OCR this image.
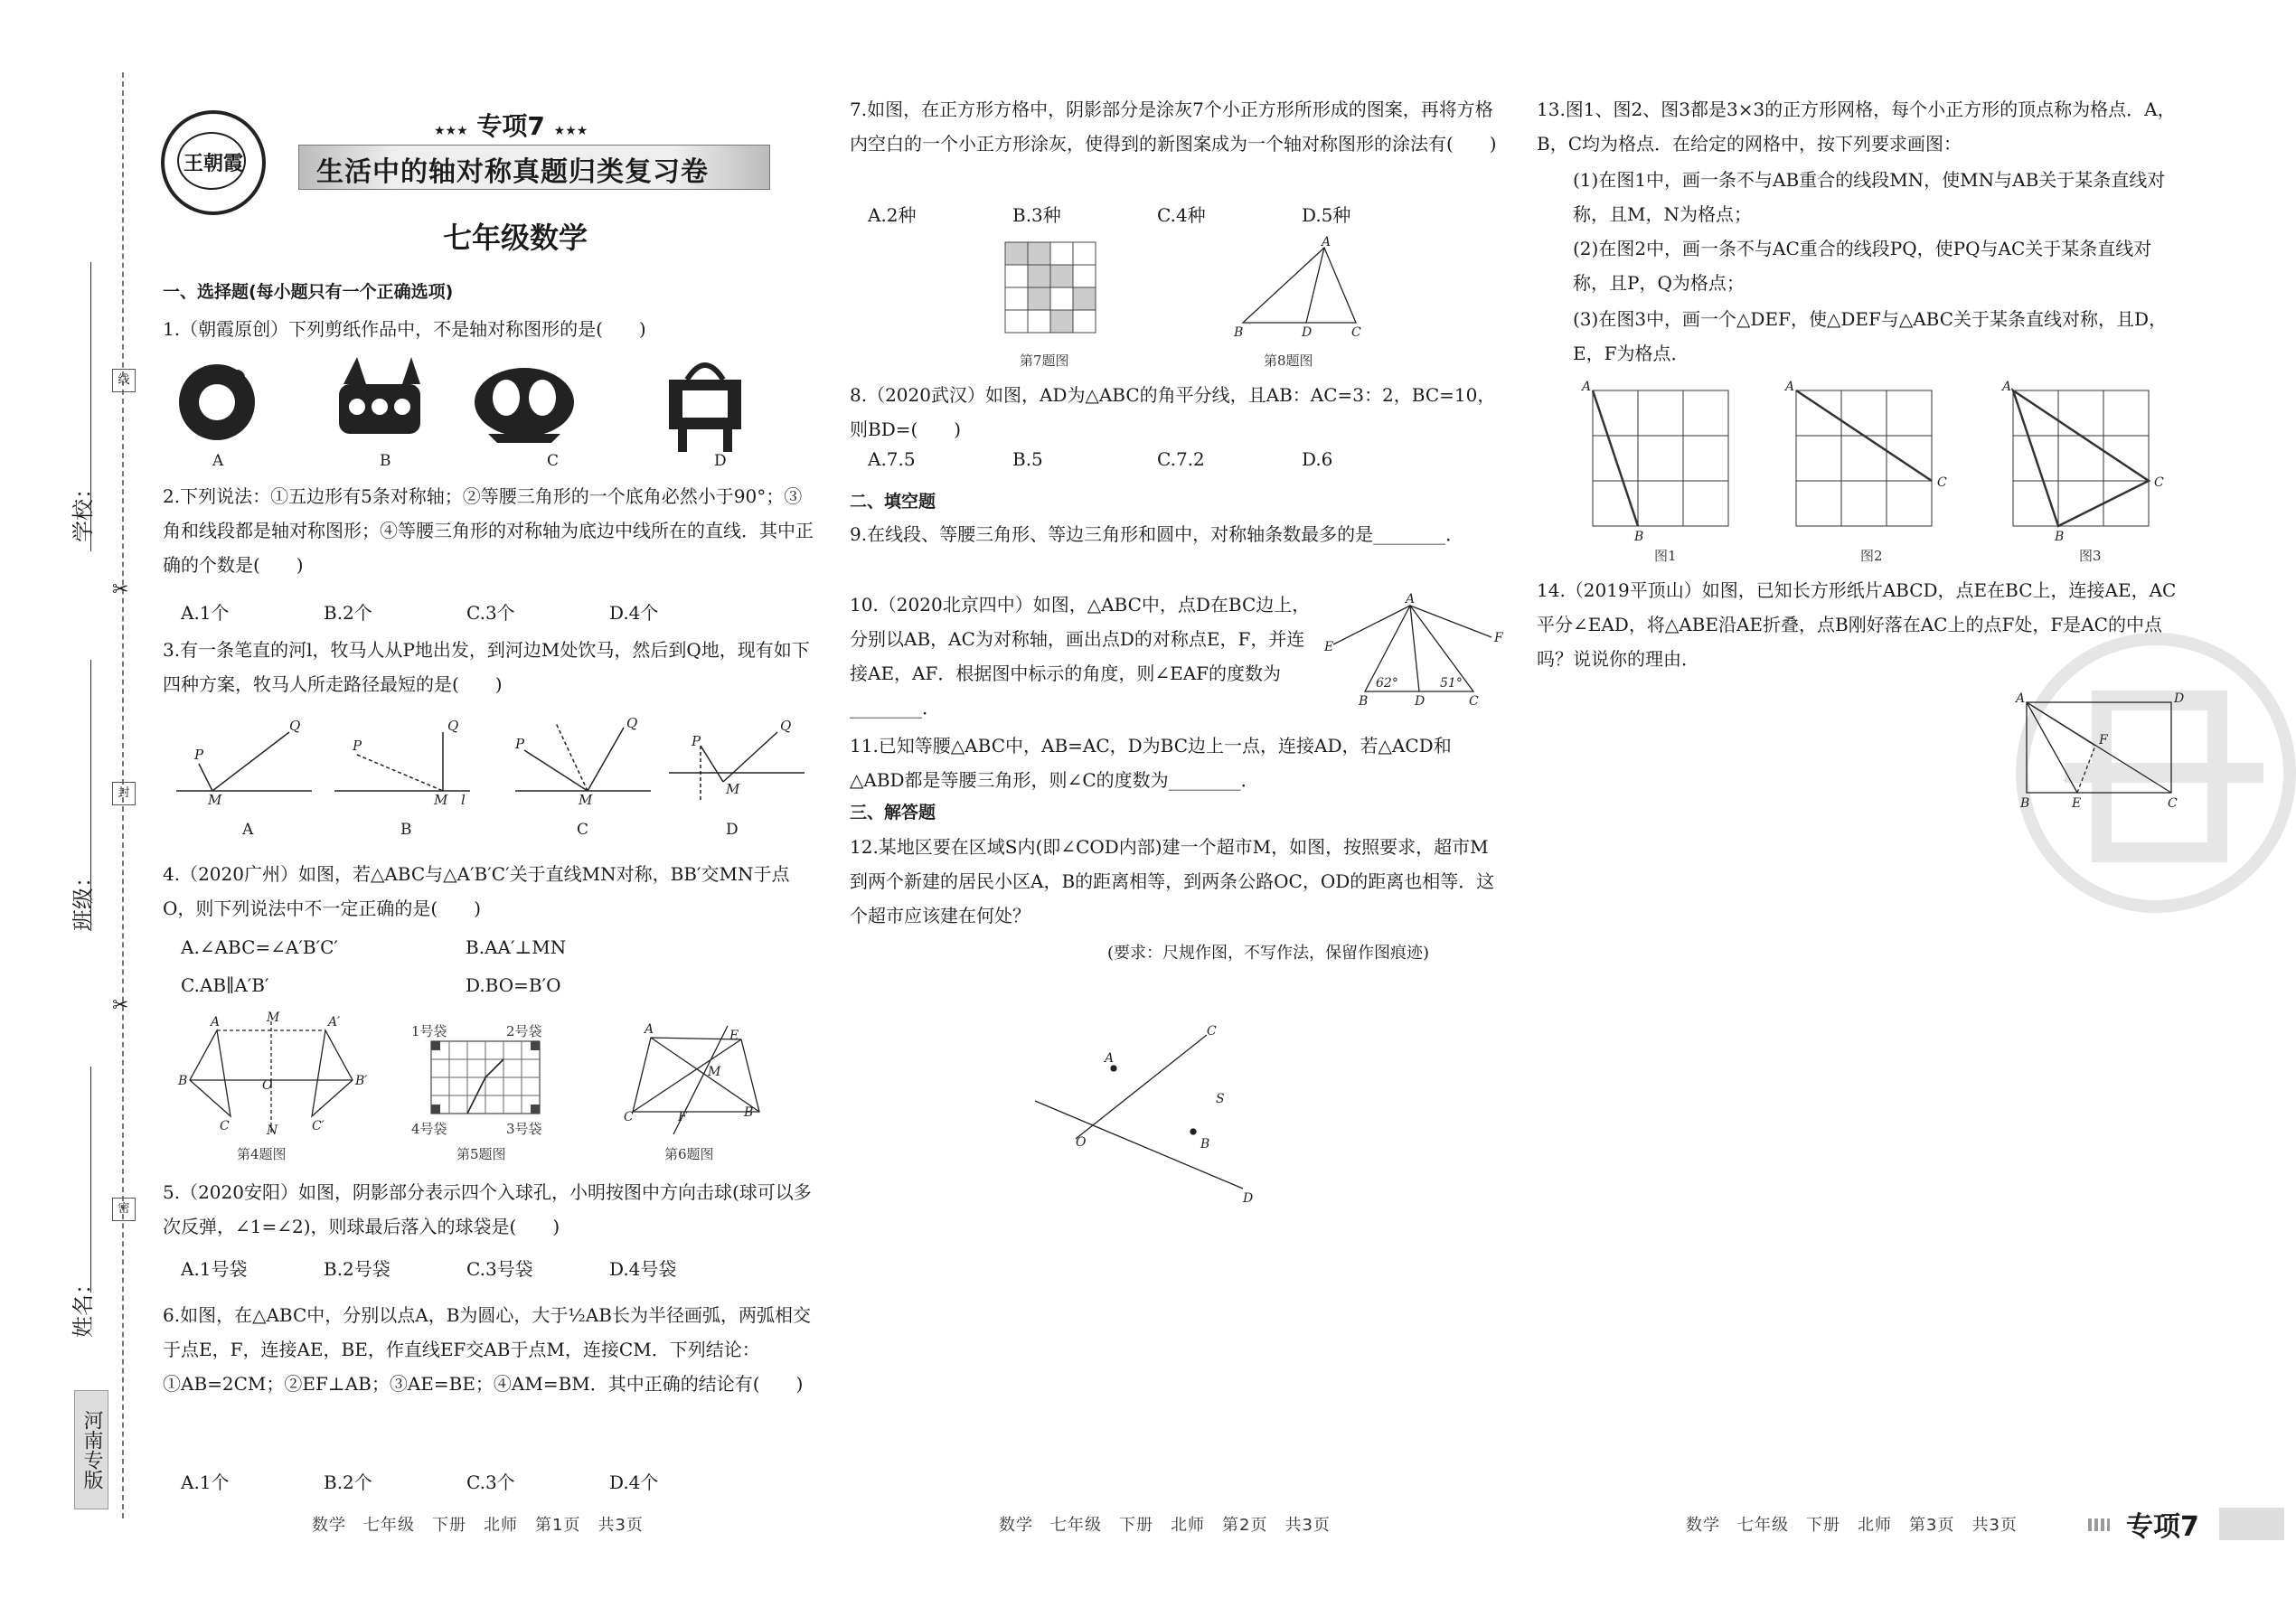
学校：
班级：
姓名：
线
封
密
✂
✂
河南专版
王朝霞
★★★ 专项7 ★★★
生活中的轴对称真题归类复习卷
七年级数学
一、选择题(每小题只有一个正确选项)
1.（朝霞原创）下列剪纸作品中，不是轴对称图形的是(　　)
A	B	C	D
2.下列说法：①五边形有5条对称轴；②等腰三角形的一个底角必然小于90°；③角和线段都是轴对称图形；④等腰三角形的对称轴为底边中线所在的直线．其中正确的个数是(　　)
A.1个	B.2个	C.3个	D.4个
3.有一条笔直的河l，牧马人从P地出发，到河边M处饮马，然后到Q地，现有如下四种方案，牧马人所走路径最短的是(　　)
P
Q
M
P
Q
M l
P
Q
M
P
Q
M
A	B	C	D
4.（2020广州）如图，若△ABC与△A′B′C′关于直线MN对称，BB′交MN于点O，则下列说法中不一定正确的是(　　)
A.∠ABC=∠A′B′C′	B.AA′⊥MN
C.AB∥A′B′	D.BO=B′O
A
B
C
M
O
N
A′
B′
C′
第4题图
1号袋	2号袋
4号袋	3号袋
第5题图
A	E
M
C	F	B
第6题图
5.（2020安阳）如图，阴影部分表示四个入球孔，小明按图中方向击球(球可以多次反弹，∠1=∠2)，则球最后落入的球袋是(　　)
A.1号袋	B.2号袋	C.3号袋	D.4号袋
6.如图，在△ABC中，分别以点A，B为圆心，大于½AB长为半径画弧，两弧相交于点E，F，连接AE，BE，作直线EF交AB于点M，连接CM．下列结论：①AB=2CM；②EF⊥AB；③AE=BE；④AM=BM．其中正确的结论有(　　)
A.1个	B.2个	C.3个	D.4个
7.如图，在正方形方格中，阴影部分是涂灰7个小正方形所形成的图案，再将方格内空白的一个小正方形涂灰，使得到的新图案成为一个轴对称图形的涂法有(　　)
A.2种	B.3种	C.4种	D.5种
第7题图
A
B	D	C
第8题图
8.（2020武汉）如图，AD为△ABC的角平分线，且AB：AC=3：2，BC=10，则BD=(　　)
A.7.5	B.5	C.7.2	D.6
二、填空题
9.在线段、等腰三角形、等边三角形和圆中，对称轴条数最多的是________．
10.（2020北京四中）如图，△ABC中，点D在BC边上，分别以AB，AC为对称轴，画出点D的对称点E，F，并连接AE，AF．根据图中标示的角度，则∠EAF的度数为________．
A
E
F
B	D	C
62°	51°
11.已知等腰△ABC中，AB=AC，D为BC边上一点，连接AD，若△ACD和△ABD都是等腰三角形，则∠C的度数为________．
三、解答题
12.某地区要在区域S内(即∠COD内部)建一个超市M，如图，按照要求，超市M到两个新建的居民小区A，B的距离相等，到两条公路OC，OD的距离也相等．这个超市应该建在何处？
(要求：尺规作图，不写作法，保留作图痕迹)
A
B
C
D
O
S
13.图1、图2、图3都是3×3的正方形网格，每个小正方形的顶点称为格点．A，B，C均为格点．在给定的网格中，按下列要求画图：
(1)在图1中，画一条不与AB重合的线段MN，使MN与AB关于某条直线对称，且M，N为格点；
(2)在图2中，画一条不与AC重合的线段PQ，使PQ与AC关于某条直线对称，且P，Q为格点；
(3)在图3中，画一个△DEF，使△DEF与△ABC关于某条直线对称，且D，E，F为格点．
A
B
图1
A
C
图2
A
B
C
图3
14.（2019平顶山）如图，已知长方形纸片ABCD，点E在BC上，连接AE，AC平分∠EAD，将△ABE沿AE折叠，点B刚好落在AC上的点F处，F是AC的中点吗？说说你的理由．
A	D
B	E	C
F
数学　七年级　下册　北师　第1页　共3页	数学　七年级　下册　北师　第2页　共3页	数学　七年级　下册　北师　第3页　共3页	专项7
